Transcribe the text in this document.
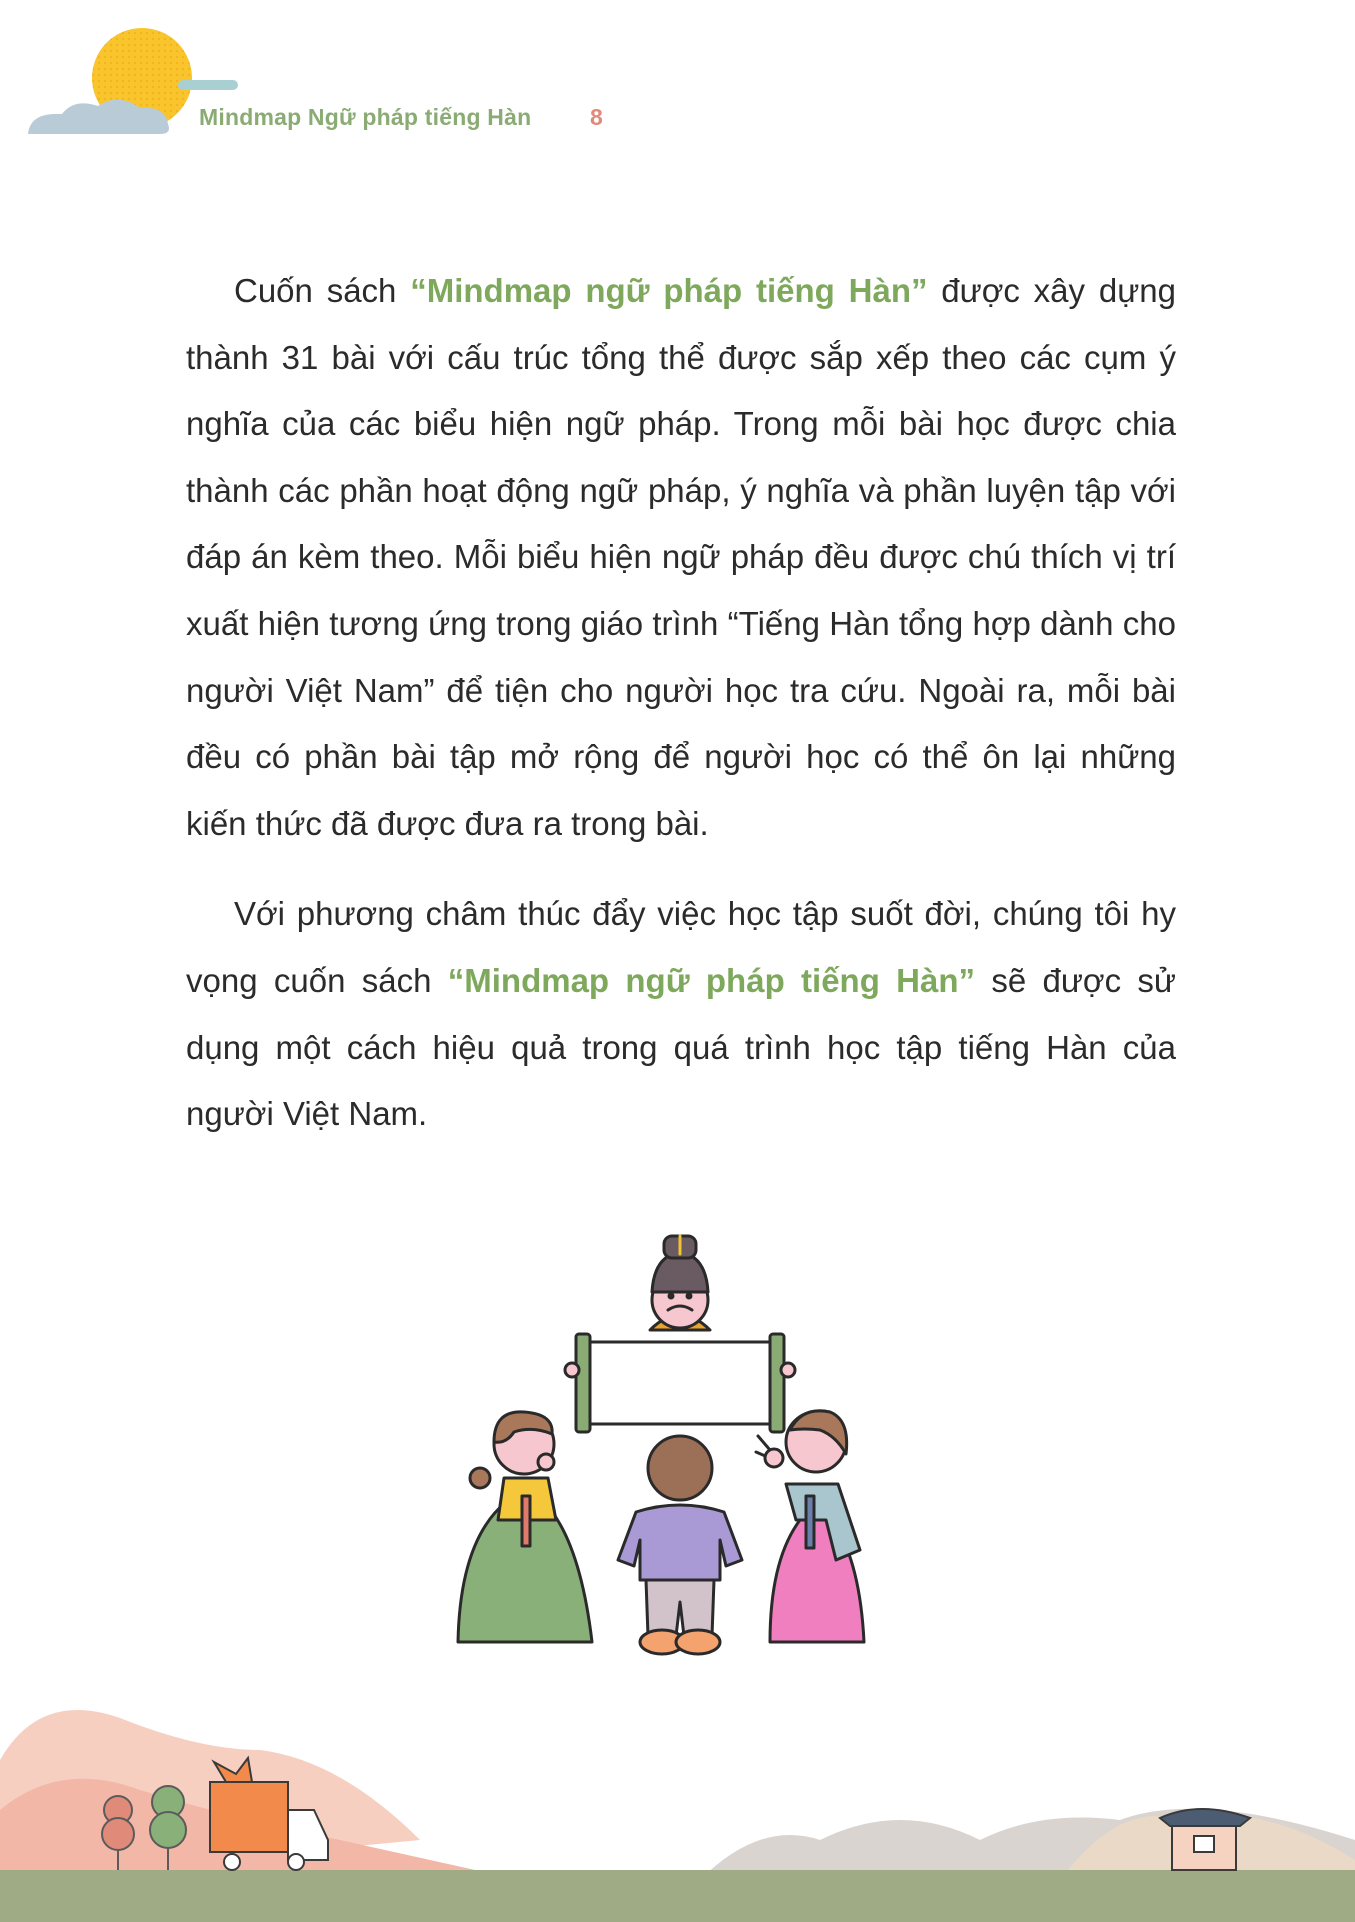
Mindmap Ngữ pháp tiếng Hàn	8

Cuốn sách “Mindmap ngữ pháp tiếng Hàn” được xây dựng thành 31 bài với cấu trúc tổng thể được sắp xếp theo các cụm ý nghĩa của các biểu hiện ngữ pháp. Trong mỗi bài học được chia thành các phần hoạt động ngữ pháp, ý nghĩa và phần luyện tập với đáp án kèm theo. Mỗi biểu hiện ngữ pháp đều được chú thích vị trí xuất hiện tương ứng trong giáo trình “Tiếng Hàn tổng hợp dành cho người Việt Nam” để tiện cho người học tra cứu. Ngoài ra, mỗi bài đều có phần bài tập mở rộng để người học có thể ôn lại những kiến thức đã được đưa ra trong bài.

Với phương châm thúc đẩy việc học tập suốt đời, chúng tôi hy vọng cuốn sách “Mindmap ngữ pháp tiếng Hàn” sẽ được sử dụng một cách hiệu quả trong quá trình học tập tiếng Hàn của người Việt Nam.
